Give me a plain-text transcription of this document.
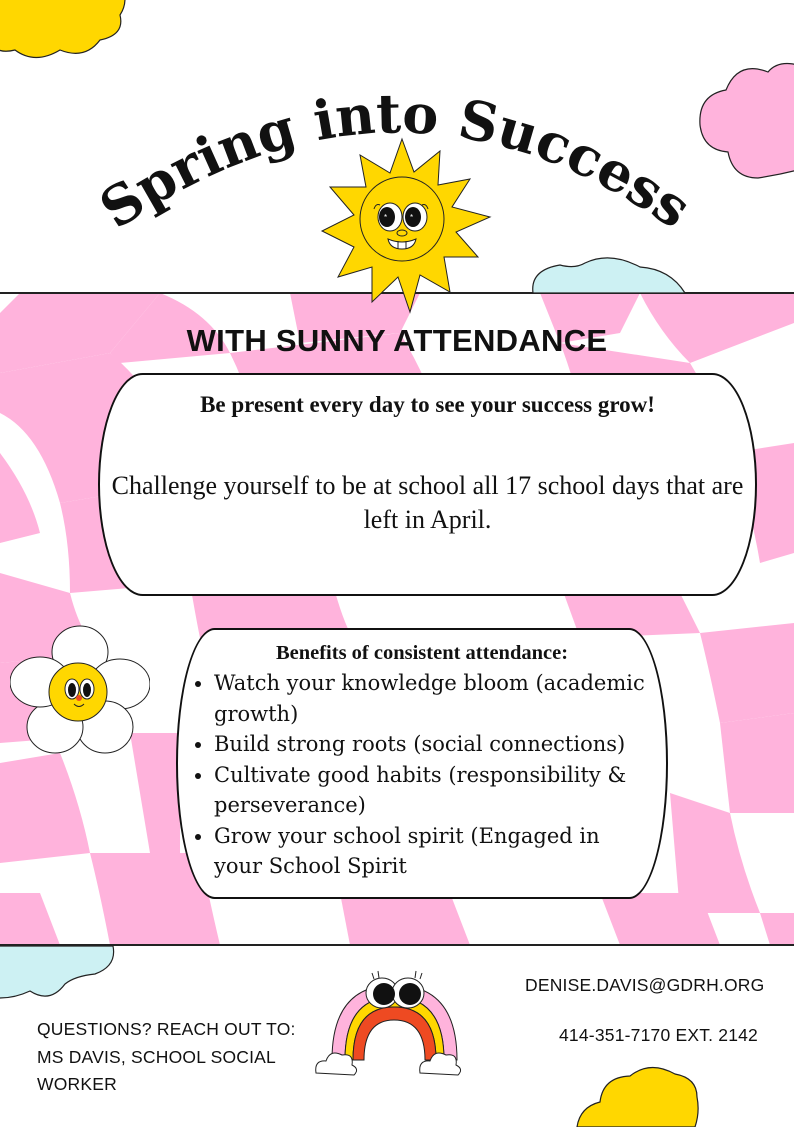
Spring into Success
*	*
WITH SUNNY ATTENDANCE
Be present every day to see your success grow!
Challenge yourself to be at school all 17 school days that are left in April.
Benefits of consistent attendance:
• Watch your knowledge bloom (academic growth)
• Build strong roots (social connections)
• Cultivate good habits (responsibility & perseverance)
• Grow your school spirit (Engaged in your School Spirit
QUESTIONS? REACH OUT TO: MS DAVIS, SCHOOL SOCIAL WORKER
DENISE.DAVIS@GDRH.ORG
414-351-7170 EXT. 2142
